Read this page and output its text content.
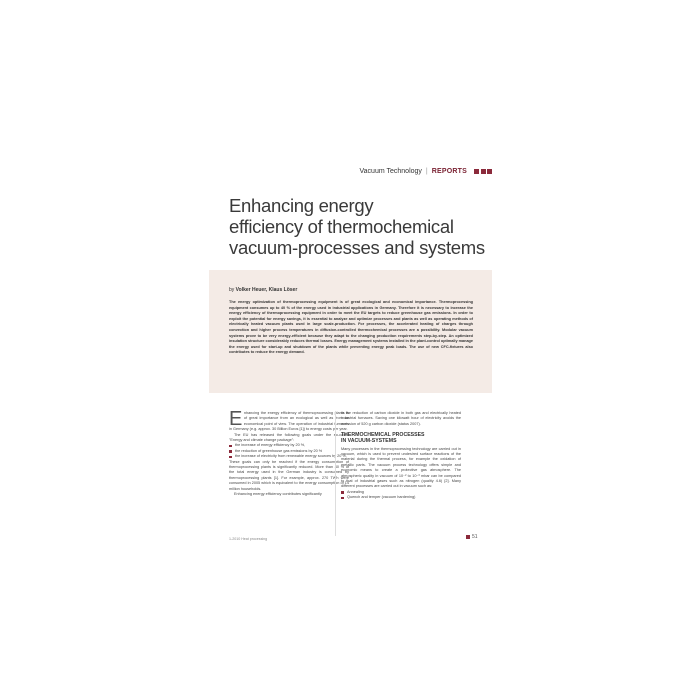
Vacuum Technology | REPORTS
Enhancing energy
efficiency of thermochemical
vacuum-processes and systems
by Volker Heuer, Klaus Löser

The energy optimization of thermoprocessing equipment is of great ecological and economical importance. Thermoprocessing equipment consumes up to 40 % of the energy used in industrial applications in Germany. Therefore it is necessary to increase the energy efficiency of thermoprocessing equipment in order to meet the EU targets to reduce greenhouse gas emissions. In order to exploit the potential for energy savings, it is essential to analyze and optimize processes and plants as well as operating methods of electrically heated vacuum plants used in large scale-production. For processes, the accelerated heating of charges through convection and higher process temperatures in diffusion-controlled thermochemical processes are a possibility. Modular vacuum systems prove to be very energy-efficient because they adapt to the changing production requirements step-by-step. An optimized insulation structure considerably reduces thermal losses. Energy management systems installed in the plant-control optimally manage the energy used for start-up and shutdown of the plants while preventing energy peak loads. The use of new CFC-fixtures also contributes to reduce the energy demand.

Enhancing the energy efficiency of thermoprocessing plants is of great importance from an ecological as well as from an economical point of view. The operation of industrial furnaces in Germany (e.g. approx. 30 Billion Euros [1]) to energy costs per year.

The EU has released the following goals under the so-called "Energy and climate change package":

the increase of energy efficiency by 20 %,
the reduction of greenhouse gas emissions by 20 %
the increase of electricity from renewable energy sources by 20 %.

These goals can only be reached if the energy consumption of thermoprocessing plants is significantly reduced. More than 40 % of the total energy used in the German industry is consumed by thermoprocessing plants [1]. For example, approx. 270 TWh were consumed in 2005 which is equivalent to the energy consumption of 14 million households.

Enhancing energy efficiency contributes significantly

to the reduction of carbon dioxide in both gas and electrically heated industrial furnaces. Saving one kilowatt hour of electricity avoids the emission of 520 g carbon dioxide (status 2007).

THERMOCHEMICAL PROCESSES
IN VACUUM-SYSTEMS

Many processes in the thermoprocessing technology are carried out in vacuum, which is used to prevent undesired surface reactions of the material during the thermal process, for example the oxidation of metallic parts. The vacuum process technology offers simple and economic means to create a protective gas atmosphere. The atmospheric quality in vacuum of 10⁻² to 10⁻³ mbar can be compared to that of industrial gases such as nitrogen (quality 4.6) [2]. Many different processes are carried out in vacuum such as:

Annealing
Quench and temper (vacuum hardening)
1-2010 Heat processing	51
